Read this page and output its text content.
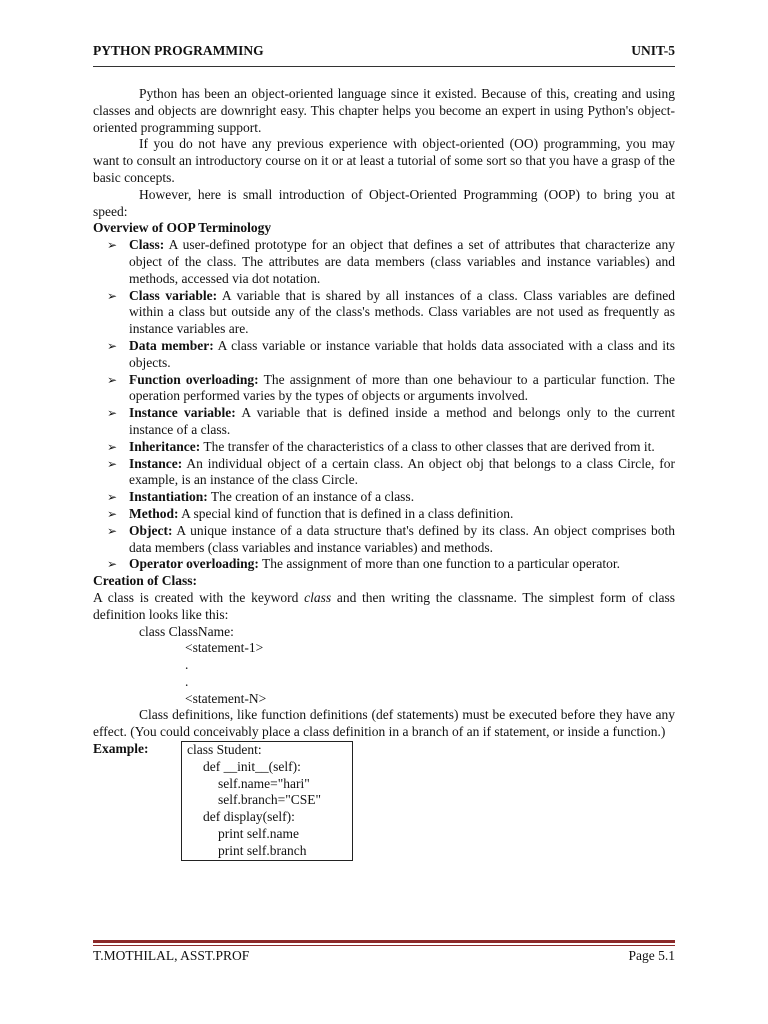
PYTHON PROGRAMMING	UNIT-5

Python has been an object-oriented language since it existed. Because of this, creating and using classes and objects are downright easy. This chapter helps you become an expert in using Python's object-oriented programming support.

If you do not have any previous experience with object-oriented (OO) programming, you may want to consult an introductory course on it or at least a tutorial of some sort so that you have a grasp of the basic concepts.

However, here is small introduction of Object-Oriented Programming (OOP) to bring you at speed:

Overview of OOP Terminology

➢ Class: A user-defined prototype for an object that defines a set of attributes that characterize any object of the class. The attributes are data members (class variables and instance variables) and methods, accessed via dot notation.
➢ Class variable: A variable that is shared by all instances of a class. Class variables are defined within a class but outside any of the class's methods. Class variables are not used as frequently as instance variables are.
➢ Data member: A class variable or instance variable that holds data associated with a class and its objects.
➢ Function overloading: The assignment of more than one behaviour to a particular function. The operation performed varies by the types of objects or arguments involved.
➢ Instance variable: A variable that is defined inside a method and belongs only to the current instance of a class.
➢ Inheritance: The transfer of the characteristics of a class to other classes that are derived from it.
➢ Instance: An individual object of a certain class. An object obj that belongs to a class Circle, for example, is an instance of the class Circle.
➢ Instantiation: The creation of an instance of a class.
➢ Method: A special kind of function that is defined in a class definition.
➢ Object: A unique instance of a data structure that's defined by its class. An object comprises both data members (class variables and instance variables) and methods.
➢ Operator overloading: The assignment of more than one function to a particular operator.

Creation of Class:

A class is created with the keyword class and then writing the classname. The simplest form of class definition looks like this:

class ClassName:
<statement-1>
.
.
<statement-N>

Class definitions, like function definitions (def statements) must be executed before they have any effect. (You could conceivably place a class definition in a branch of an if statement, or inside a function.)

Example:	class Student:
def __init__(self):
self.name="hari"
self.branch="CSE"
def display(self):
print self.name
print self.branch
T.MOTHILAL, ASST.PROF	Page 5.1
